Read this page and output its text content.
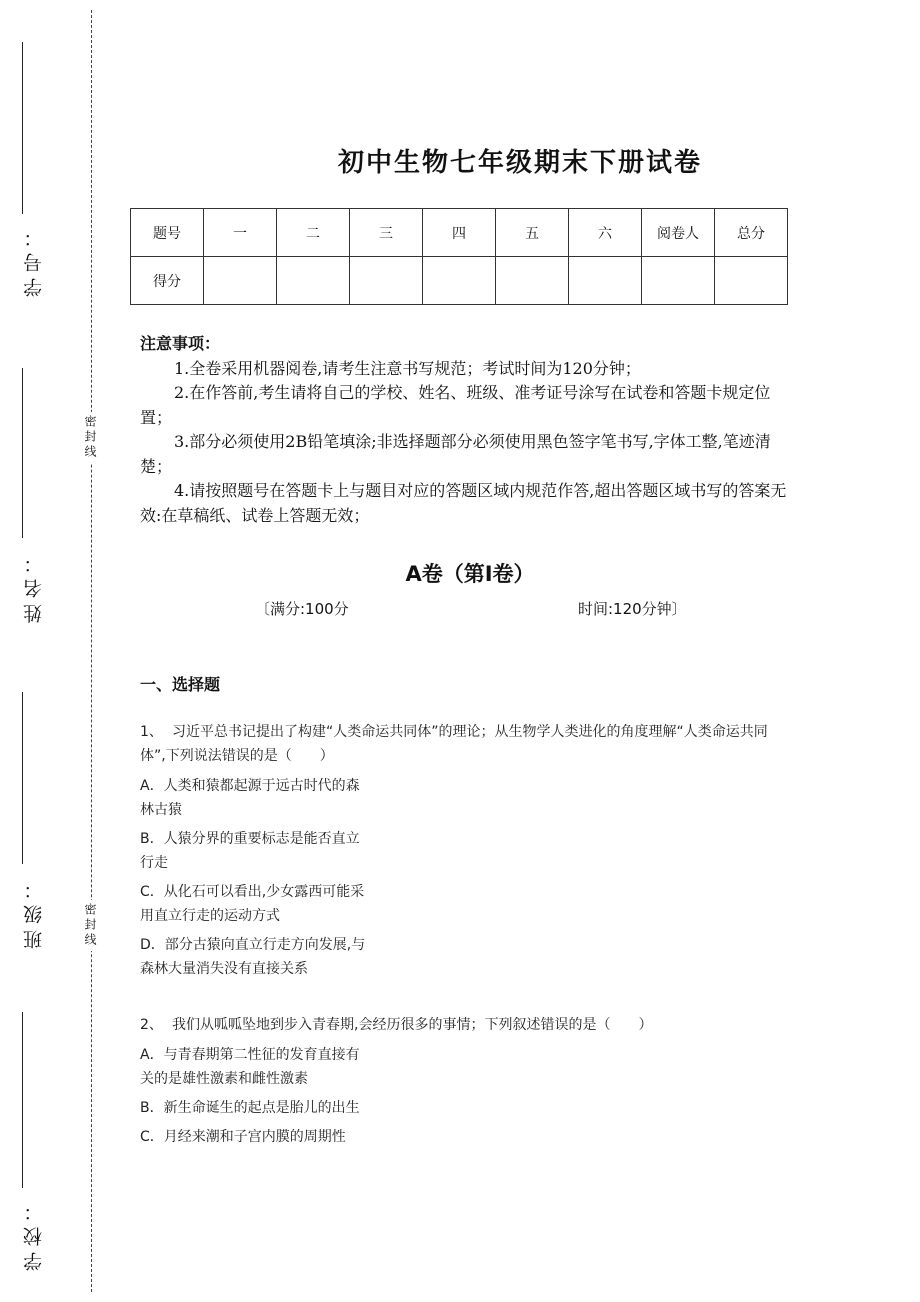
学号：
姓名：
班级：
学校：
密封线
密封线
初中生物七年级期末下册试卷
题号	一	二	三	四	五	六	阅卷人	总分
得分								
注意事项：

1.全卷采用机器阅卷,请考生注意书写规范；考试时间为120分钟；

2.在作答前,考生请将自己的学校、姓名、班级、准考证号涂写在试卷和答题卡规定位置；

3.部分必须使用2B铅笔填涂;非选择题部分必须使用黑色签字笔书写,字体工整,笔迹清楚；

4.请按照题号在答题卡上与题目对应的答题区域内规范作答,超出答题区域书写的答案无效:在草稿纸、试卷上答题无效；

A卷（第I卷）
〔满分:100分	时间:120分钟〕
一、选择题
1、 习近平总书记提出了构建“人类命运共同体”的理论；从生物学人类进化的角度理解“人类命运共同体”,下列说法错误的是（　　）
A．人类和猿都起源于远古时代的森林古猿
B．人猿分界的重要标志是能否直立行走
C．从化石可以看出,少女露西可能采用直立行走的运动方式
D．部分古猿向直立行走方向发展,与森林大量消失没有直接关系
2、 我们从呱呱坠地到步入青春期,会经历很多的事情；下列叙述错误的是（　　）
A．与青春期第二性征的发育直接有关的是雄性激素和雌性激素
B．新生命诞生的起点是胎儿的出生
C．月经来潮和子宫内膜的周期性
